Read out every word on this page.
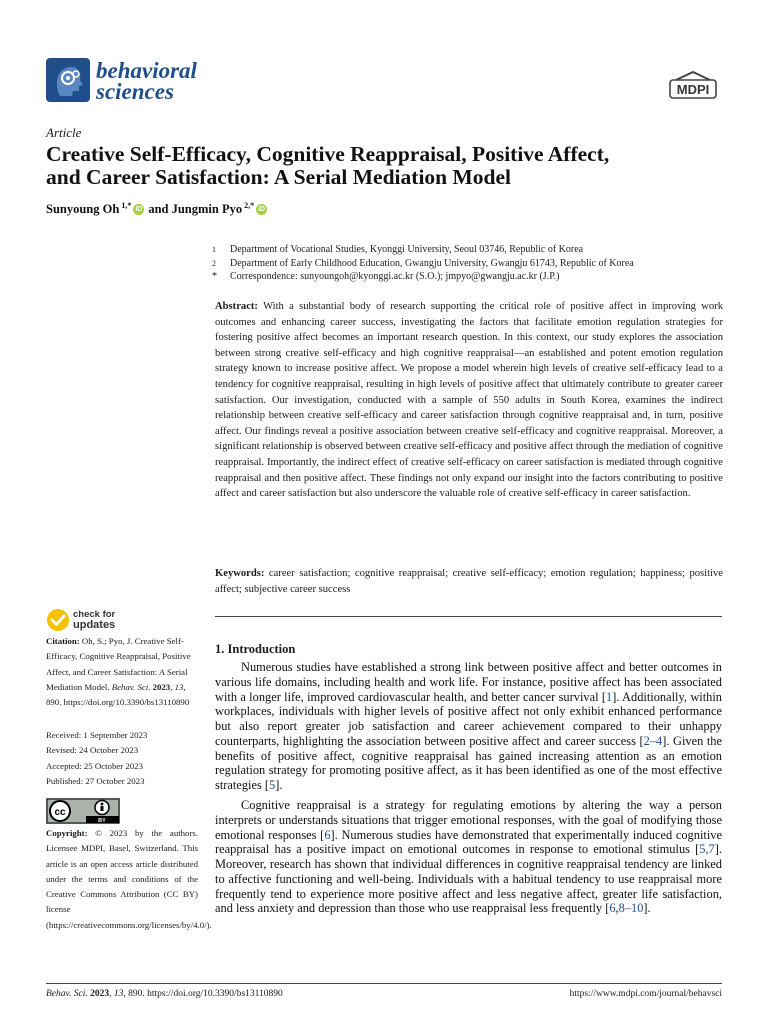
behavioral
sciences	MDPI
Article
Creative Self-Efficacy, Cognitive Reappraisal, Positive Affect,
and Career Satisfaction: A Serial Mediation Model
Sunyoung Oh $^{1,*}$ iD and Jungmin Pyo $^{2,*}$ iD
1	Department of Vocational Studies, Kyonggi University, Seoul 03746, Republic of Korea
2	Department of Early Childhood Education, Gwangju University, Gwangju 61743, Republic of Korea
*	Correspondence: sunyoungoh@kyonggi.ac.kr (S.O.); jmpyo@gwangju.ac.kr (J.P.)
Abstract: With a substantial body of research supporting the critical role of positive affect in improving work outcomes and enhancing career success, investigating the factors that facilitate emotion regulation strategies for fostering positive affect becomes an important research question. In this context, our study explores the association between strong creative self-efficacy and high cognitive reappraisal—an established and potent emotion regulation strategy known to increase positive affect. We propose a model wherein high levels of creative self-efficacy lead to a tendency for cognitive reappraisal, resulting in high levels of positive affect that ultimately contribute to greater career satisfaction. Our investigation, conducted with a sample of 550 adults in South Korea, examines the indirect relationship between creative self-efficacy and career satisfaction through cognitive reappraisal and, in turn, positive affect. Our findings reveal a positive association between creative self-efficacy and cognitive reappraisal. Moreover, a significant relationship is observed between creative self-efficacy and positive affect through the mediation of cognitive reappraisal. Importantly, the indirect effect of creative self-efficacy on career satisfaction is mediated through cognitive reappraisal and then positive affect. These findings not only expand our insight into the factors contributing to positive affect and career satisfaction but also underscore the valuable role of creative self-efficacy in career satisfaction.
Keywords: career satisfaction; cognitive reappraisal; creative self-efficacy; emotion regulation; happiness; positive affect; subjective career success
check for
updates
Citation: Oh, S.; Pyo, J. Creative Self-Efficacy, Cognitive Reappraisal, Positive Affect, and Career Satisfaction: A Serial Mediation Model. Behav. Sci. 2023, 13, 890. https://doi.org/10.3390/bs13110890
Received: 1 September 2023
Revised: 24 October 2023
Accepted: 25 October 2023
Published: 27 October 2023
cc
BY
Copyright: © 2023 by the authors. Licensee MDPI, Basel, Switzerland. This article is an open access article distributed under the terms and conditions of the Creative Commons Attribution (CC BY) license (https://creativecommons.org/licenses/by/4.0/).
1. Introduction
Numerous studies have established a strong link between positive affect and better outcomes in various life domains, including health and work life. For instance, positive affect has been associated with a longer life, improved cardiovascular health, and better cancer survival [1]. Additionally, within workplaces, individuals with higher levels of positive affect not only exhibit enhanced performance but also report greater job satisfaction and career achievement compared to their unhappy counterparts, highlighting the association between positive affect and career success [2–4]. Given the benefits of positive affect, cognitive reappraisal has gained increasing attention as an emotion regulation strategy for promoting positive affect, as it has been identified as one of the most effective strategies [5].
Cognitive reappraisal is a strategy for regulating emotions by altering the way a person interprets or understands situations that trigger emotional responses, with the goal of modifying those emotional responses [6]. Numerous studies have demonstrated that experimentally induced cognitive reappraisal has a positive impact on emotional outcomes in response to emotional stimulus [5,7]. Moreover, research has shown that individual differences in cognitive reappraisal tendency are linked to affective functioning and well-being. Individuals with a habitual tendency to use reappraisal more frequently tend to experience more positive affect and less negative affect, greater life satisfaction, and less anxiety and depression than those who use reappraisal less frequently [6,8–10].
Behav. Sci. 2023, 13, 890. https://doi.org/10.3390/bs13110890	https://www.mdpi.com/journal/behavsci
